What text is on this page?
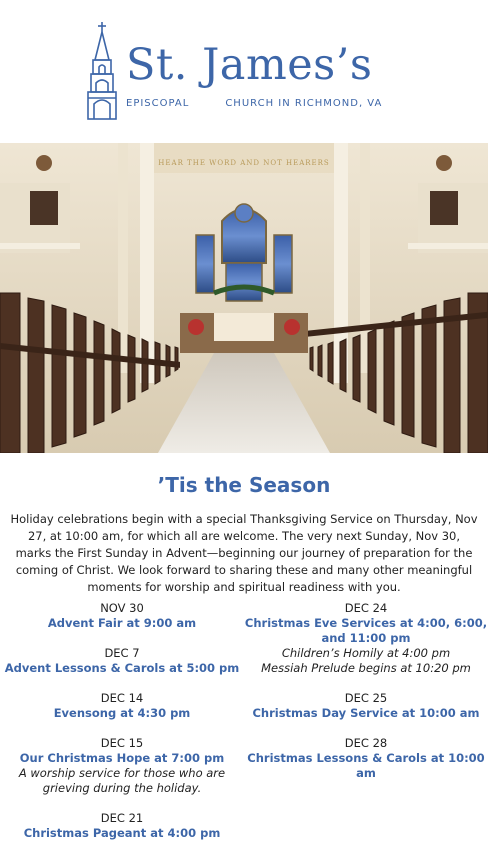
St. James’s
EPISCOPAL	CHURCH IN RICHMOND, VA
HEAR THE WORD AND NOT HEARERS
’Tis the Season
Holiday celebrations begin with a special Thanksgiving Service on Thursday, Nov 27, at 10:00 am, for which all are welcome. The very next Sunday, Nov 30, marks the First Sunday in Advent—beginning our journey of preparation for the coming of Christ. We look forward to sharing these and many other meaningful moments for worship and spiritual readiness with you.
NOV 30
Advent Fair at 9:00 am
DEC 7
Advent Lessons & Carols at 5:00 pm
DEC 14
Evensong at 4:30 pm
DEC 15
Our Christmas Hope at 7:00 pm
A worship service for those who are grieving during the holiday.
DEC 21
Christmas Pageant at 4:00 pm
DEC 24
Christmas Eve Services at 4:00, 6:00, and 11:00 pm
Children’s Homily at 4:00 pm
Messiah Prelude begins at 10:20 pm
DEC 25
Christmas Day Service at 10:00 am
DEC 28
Christmas Lessons & Carols at 10:00 am
